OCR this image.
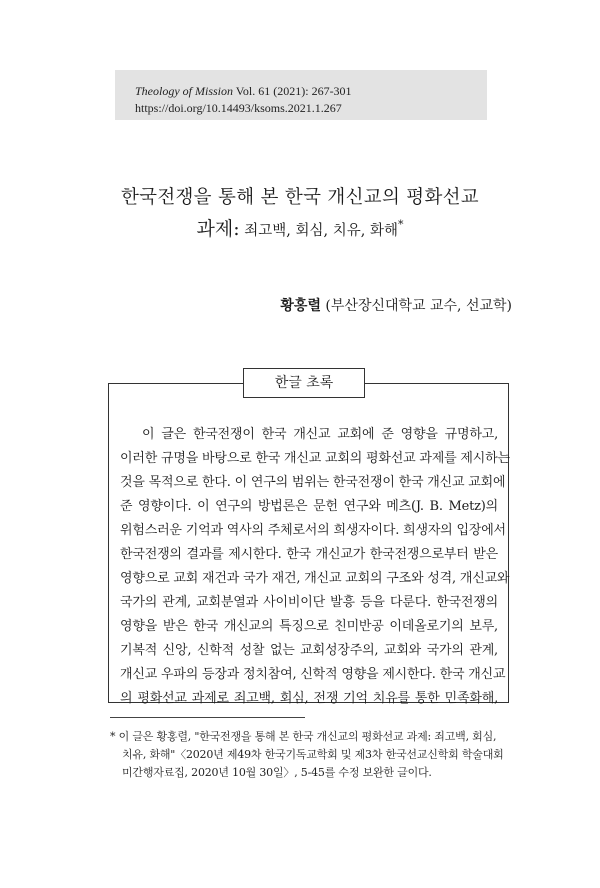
Theology of Mission Vol. 61 (2021): 267-301
https://doi.org/10.14493/ksoms.2021.1.267
한국전쟁을 통해 본 한국 개신교의 평화선교
과제: 죄고백, 회심, 치유, 화해*
황홍렬 (부산장신대학교 교수, 선교학)
한글 초록
이 글은 한국전쟁이 한국 개신교 교회에 준 영향을 규명하고,
이러한 규명을 바탕으로 한국 개신교 교회의 평화선교 과제를 제시하는
것을 목적으로 한다. 이 연구의 범위는 한국전쟁이 한국 개신교 교회에
준 영향이다. 이 연구의 방법론은 문헌 연구와 메츠(J. B. Metz)의
위험스러운 기억과 역사의 주체로서의 희생자이다. 희생자의 입장에서
한국전쟁의 결과를 제시한다. 한국 개신교가 한국전쟁으로부터 받은
영향으로 교회 재건과 국가 재건, 개신교 교회의 구조와 성격, 개신교와
국가의 관계, 교회분열과 사이비이단 발흥 등을 다룬다. 한국전쟁의
영향을 받은 한국 개신교의 특징으로 친미반공 이데올로기의 보루,
기복적 신앙, 신학적 성찰 없는 교회성장주의, 교회와 국가의 관계,
개신교 우파의 등장과 정치참여, 신학적 영향을 제시한다. 한국 개신교
의 평화선교 과제로 죄고백, 회심, 전쟁 기억 치유를 통한 민족화해,
* 이 글은 황홍렬, "한국전쟁을 통해 본 한국 개신교의 평화선교 과제: 죄고백, 회심,
치유, 화해"〈2020년 제49차 한국기독교학회 및 제3차 한국선교신학회 학술대회
미간행자료집, 2020년 10월 30일〉, 5-45를 수정 보완한 글이다.
